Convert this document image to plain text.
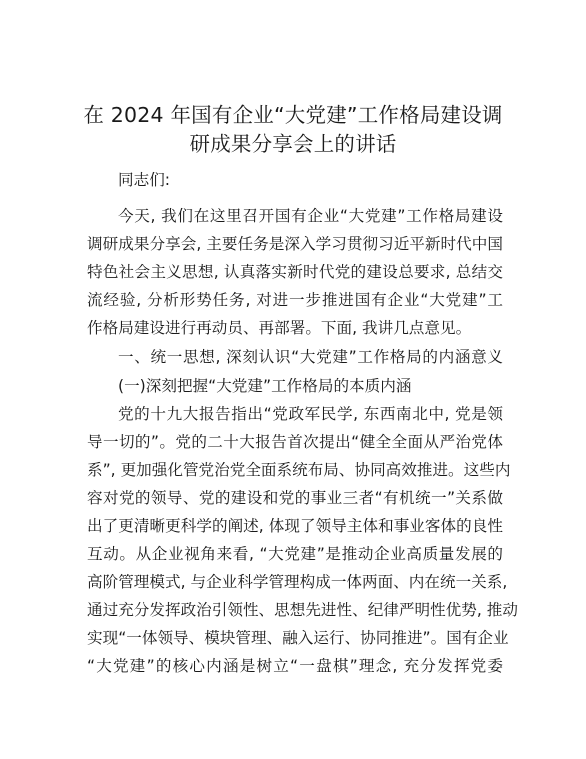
在 2024 年国有企业“大党建”工作格局建设调
研成果分享会上的讲话
同志们:
今天, 我们在这里召开国有企业“大党建”工作格局建设
调研成果分享会, 主要任务是深入学习贯彻习近平新时代中国
特色社会主义思想, 认真落实新时代党的建设总要求, 总结交
流经验, 分析形势任务, 对进一步推进国有企业“大党建”工
作格局建设进行再动员、再部署。下面, 我讲几点意见。
一、统一思想, 深刻认识“大党建”工作格局的内涵意义
(一)深刻把握“大党建”工作格局的本质内涵
党的十九大报告指出“党政军民学, 东西南北中, 党是领
导一切的”。党的二十大报告首次提出“健全全面从严治党体
系”, 更加强化管党治党全面系统布局、协同高效推进。这些内
容对党的领导、党的建设和党的事业三者“有机统一”关系做
出了更清晰更科学的阐述, 体现了领导主体和事业客体的良性
互动。从企业视角来看, “大党建”是推动企业高质量发展的
高阶管理模式, 与企业科学管理构成一体两面、内在统一关系,
通过充分发挥政治引领性、思想先进性、纪律严明性优势, 推动
实现“一体领导、模块管理、融入运行、协同推进”。国有企业
“大党建”的核心内涵是树立“一盘棋”理念, 充分发挥党委
